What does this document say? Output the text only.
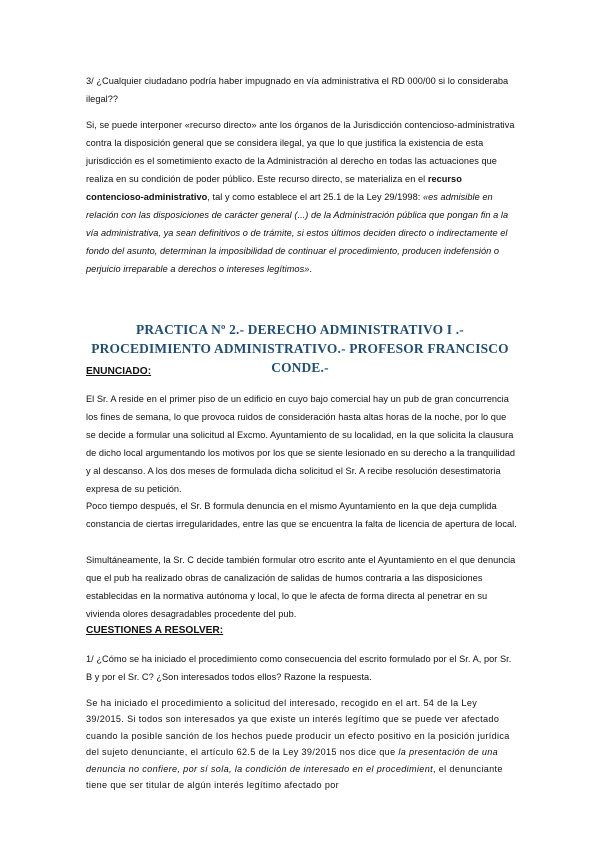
3/ ¿Cualquier ciudadano podría haber impugnado en vía administrativa el RD 000/00 si lo consideraba ilegal??

Si, se puede interponer «recurso directo» ante los órganos de la Jurisdicción contencioso-administrativa contra la disposición general que se considera ilegal, ya que lo que justifica la existencia de esta jurisdicción es el sometimiento exacto de la Administración al derecho en todas las actuaciones que realiza en su condición de poder público. Este recurso directo, se materializa en el recurso contencioso-administrativo, tal y como establece el art 25.1 de la Ley 29/1998: «es admisible en relación con las disposiciones de carácter general (...) de la Administración pública que pongan fin a la vía administrativa, ya sean definitivos o de trámite, si estos últimos deciden directo o indirectamente el fondo del asunto, determinan la imposibilidad de continuar el procedimiento, producen indefensión o perjuicio irreparable a derechos o intereses legítimos».

PRACTICA Nº 2.- DERECHO ADMINISTRATIVO I .- PROCEDIMIENTO ADMINISTRATIVO.- PROFESOR FRANCISCO CONDE.-
ENUNCIADO:

El Sr. A reside en el primer piso de un edificio en cuyo bajo comercial hay un pub de gran concurrencia los fines de semana, lo que provoca ruidos de consideración hasta altas horas de la noche, por lo que se decide a formular una solicitud al Excmo. Ayuntamiento de su localidad, en la que solicita la clausura de dicho local argumentando los motivos por los que se siente lesionado en su derecho a la tranquilidad y al descanso. A los dos meses de formulada dicha solicitud el Sr. A recibe resolución desestimatoria expresa de su petición.

Poco tiempo después, el Sr. B formula denuncia en el mismo Ayuntamiento en la que deja cumplida constancia de ciertas irregularidades, entre las que se encuentra la falta de licencia de apertura de local.

Simultáneamente, la Sr. C decide también formular otro escrito ante el Ayuntamiento en el que denuncia que el pub ha realizado obras de canalización de salidas de humos contraria a las disposiciones establecidas en la normativa autónoma y local, lo que le afecta de forma directa al penetrar en su vivienda olores desagradables procedente del pub.

CUESTIONES A RESOLVER:

1/ ¿Cómo se ha iniciado el procedimiento como consecuencia del escrito formulado por el Sr. A, por Sr. B y por el Sr. C? ¿Son interesados todos ellos? Razone la respuesta.

Se ha iniciado el procedimiento a solicitud del interesado, recogido en el art. 54 de la Ley 39/2015. Si todos son interesados ya que existe un interés legítimo que se puede ver afectado cuando la posible sanción de los hechos puede producir un efecto positivo en la posición jurídica del sujeto denunciante, el artículo 62.5 de la Ley 39/2015 nos dice que la presentación de una denuncia no confiere, por sí sola, la condición de interesado en el procedimient, el denunciante tiene que ser titular de algún interés legítimo afectado por
